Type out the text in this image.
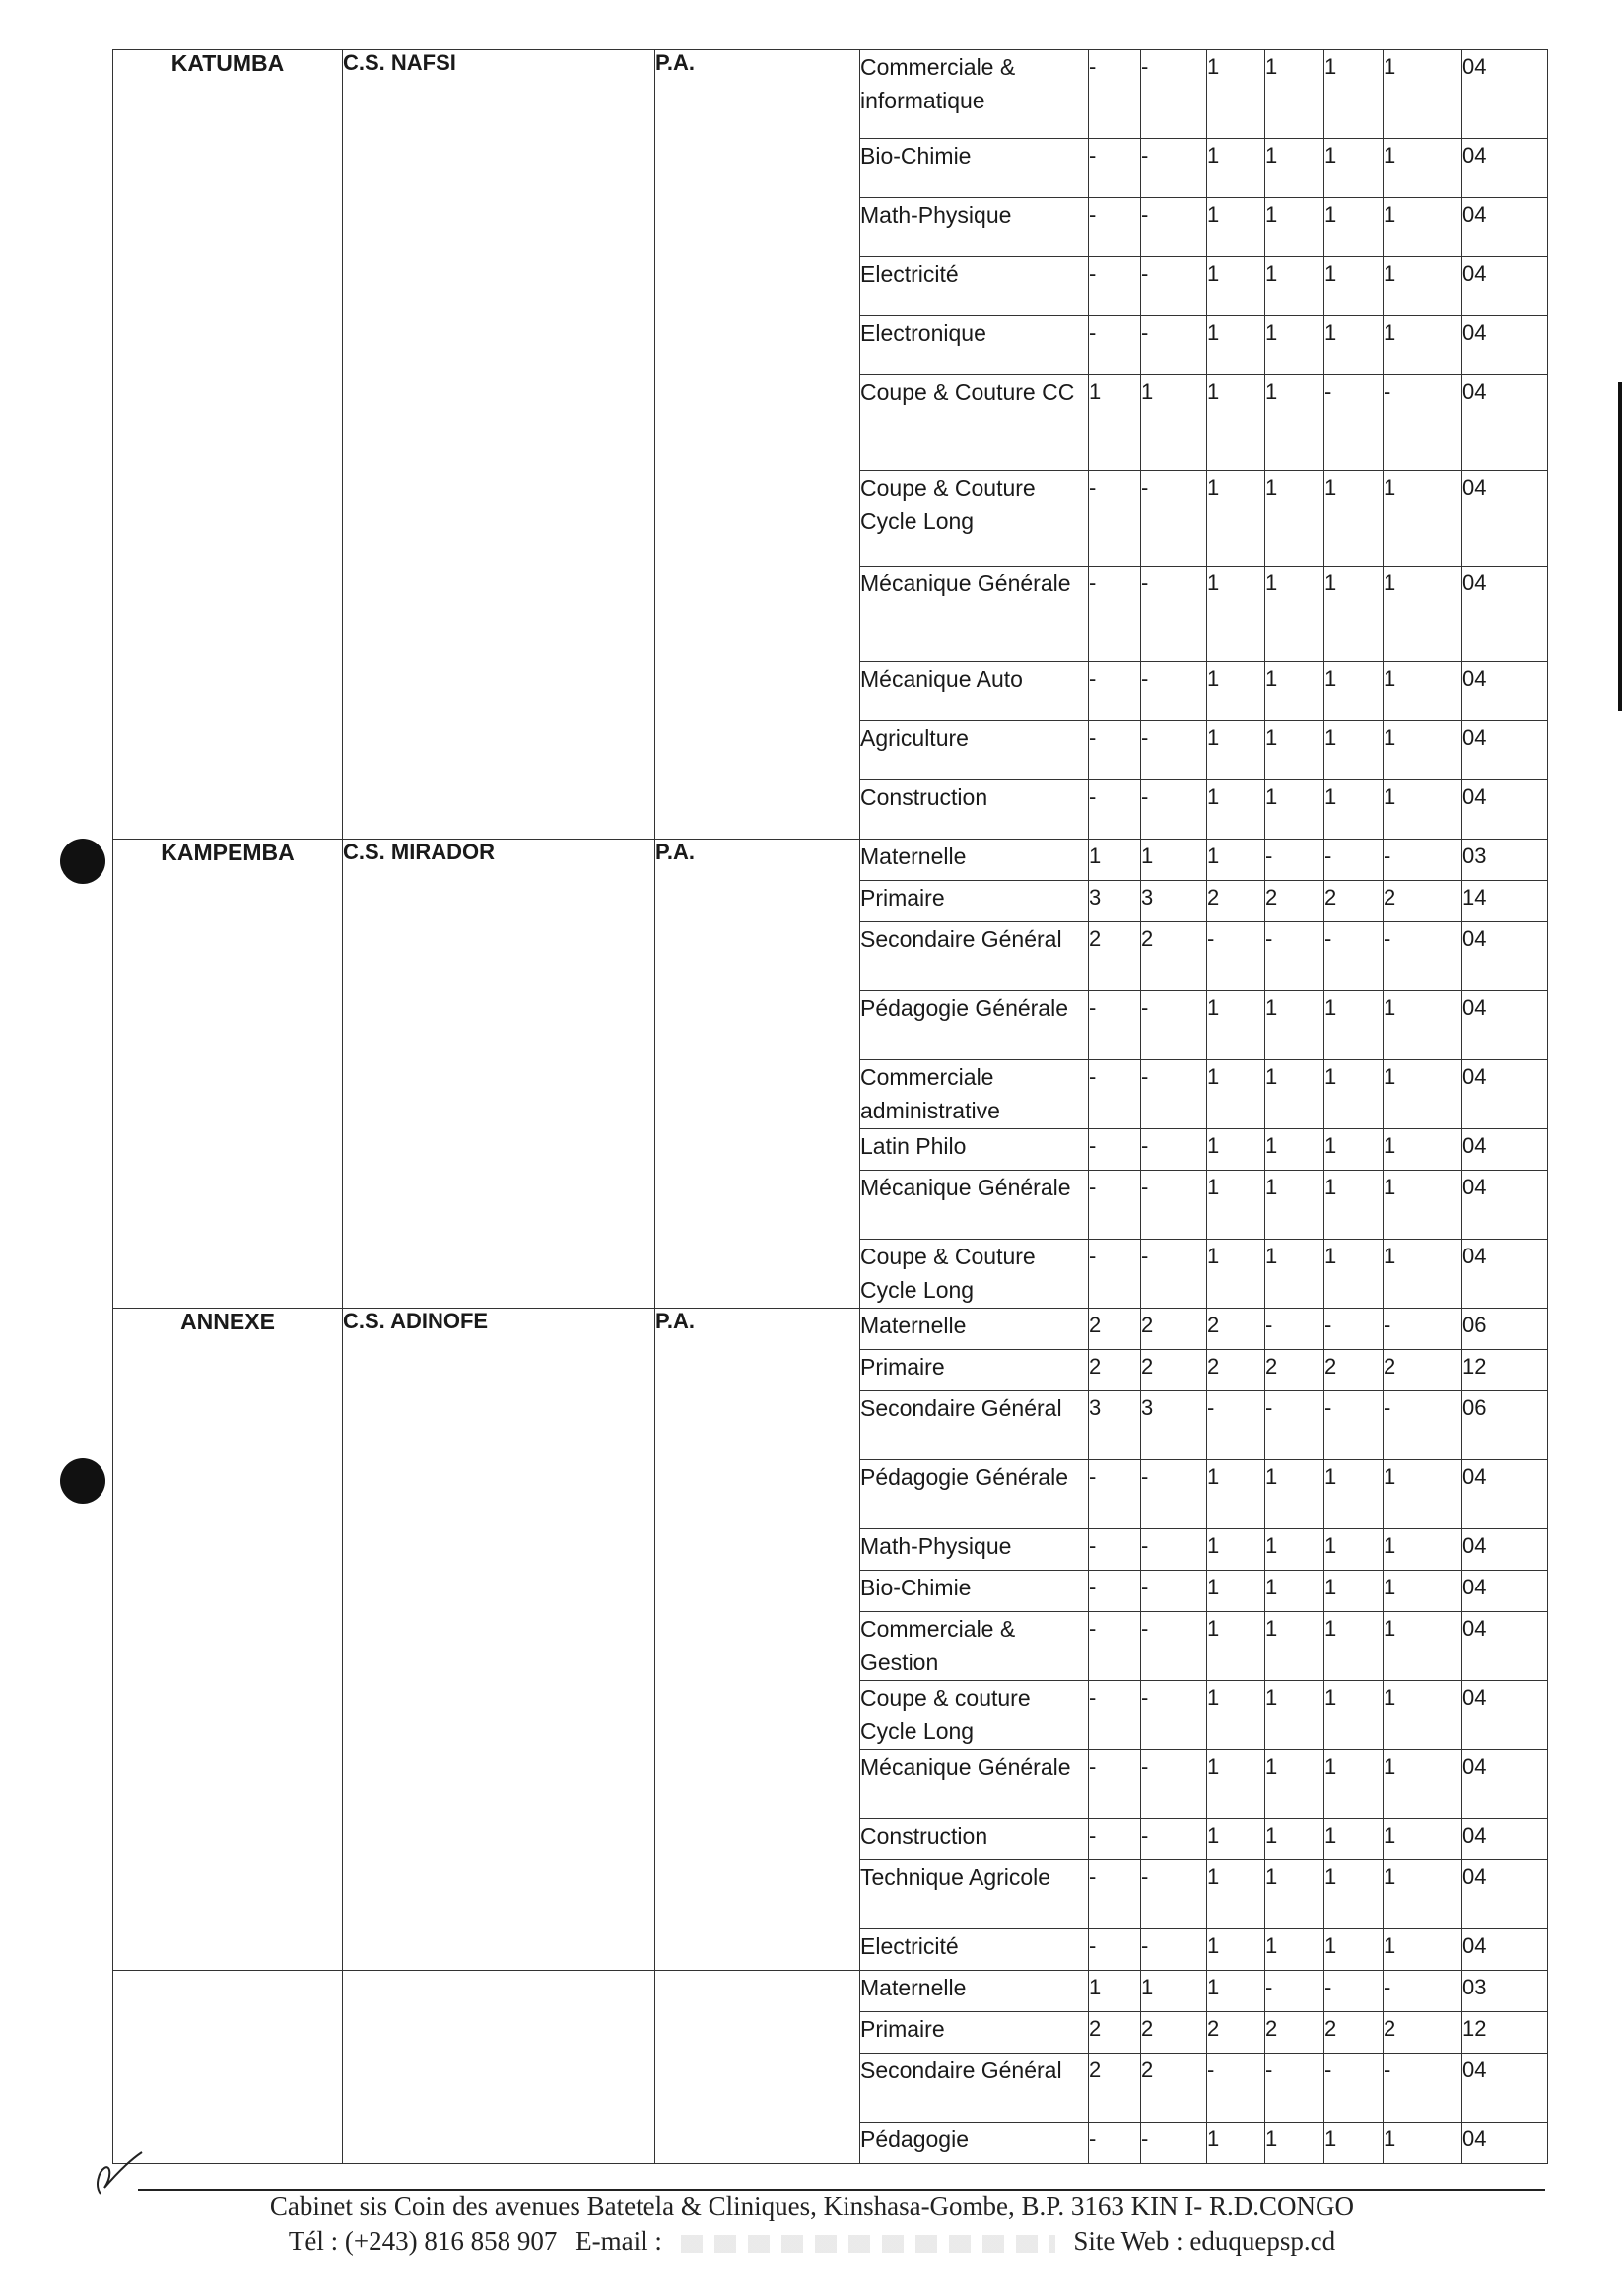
KATUMBA	C.S. NAFSI	P.A.	Commerciale & informatique	-	-	1	1	1	1	04
			Bio-Chimie	-	-	1	1	1	1	04
			Math-Physique	-	-	1	1	1	1	04
			Electricité	-	-	1	1	1	1	04
			Electronique	-	-	1	1	1	1	04
			Coupe & Couture CC	1	1	1	1	-	-	04
			Coupe & Couture Cycle Long	-	-	1	1	1	1	04
			Mécanique Générale	-	-	1	1	1	1	04
			Mécanique Auto	-	-	1	1	1	1	04
			Agriculture	-	-	1	1	1	1	04
			Construction	-	-	1	1	1	1	04
KAMPEMBA	C.S. MIRADOR	P.A.	Maternelle	1	1	1	-	-	-	03
			Primaire	3	3	2	2	2	2	14
			Secondaire Général	2	2	-	-	-	-	04
			Pédagogie Générale	-	-	1	1	1	1	04
			Commerciale administrative	-	-	1	1	1	1	04
			Latin Philo	-	-	1	1	1	1	04
			Mécanique Générale	-	-	1	1	1	1	04
			Coupe & Couture Cycle Long	-	-	1	1	1	1	04
ANNEXE	C.S. ADINOFE	P.A.	Maternelle	2	2	2	-	-	-	06
			Primaire	2	2	2	2	2	2	12
			Secondaire Général	3	3	-	-	-	-	06
			Pédagogie Générale	-	-	1	1	1	1	04
			Math-Physique	-	-	1	1	1	1	04
			Bio-Chimie	-	-	1	1	1	1	04
			Commerciale & Gestion	-	-	1	1	1	1	04
			Coupe & couture Cycle Long	-	-	1	1	1	1	04
			Mécanique Générale	-	-	1	1	1	1	04
			Construction	-	-	1	1	1	1	04
			Technique Agricole	-	-	1	1	1	1	04
			Electricité	-	-	1	1	1	1	04
			Maternelle	1	1	1	-	-	-	03
			Primaire	2	2	2	2	2	2	12
			Secondaire Général	2	2	-	-	-	-	04
			Pédagogie	-	-	1	1	1	1	04
Cabinet sis Coin des avenues Batetela & Cliniques, Kinshasa-Gombe, B.P. 3163 KIN I- R.D.CONGO
Tél : (+243) 816 858 907 E-mail :	Site Web : eduquepsp.cd
